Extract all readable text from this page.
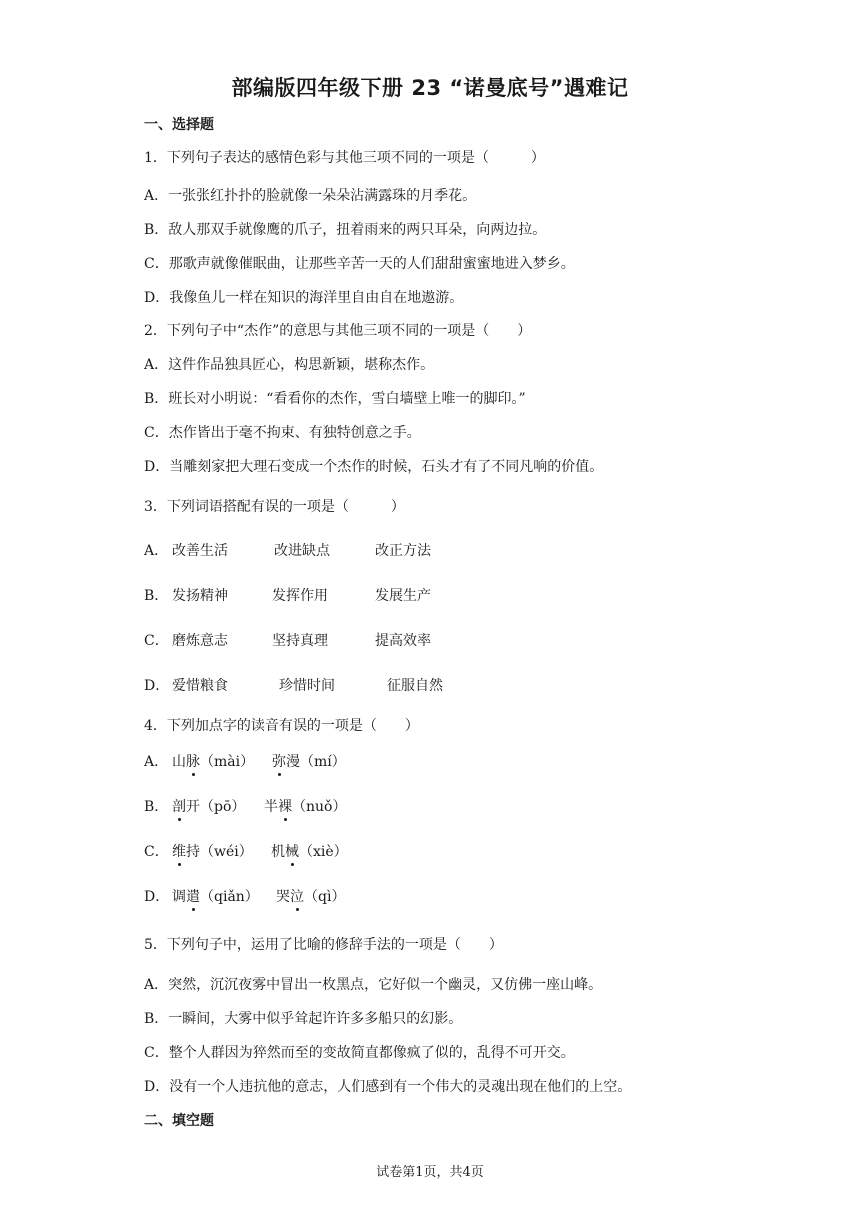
部编版四年级下册 23 “诺曼底号”遇难记
一、选择题
1．下列句子表达的感情色彩与其他三项不同的一项是（　　　）
A．一张张红扑扑的脸就像一朵朵沾满露珠的月季花。
B．敌人那双手就像鹰的爪子，扭着雨来的两只耳朵，向两边拉。
C．那歌声就像催眠曲，让那些辛苦一天的人们甜甜蜜蜜地进入梦乡。
D．我像鱼儿一样在知识的海洋里自由自在地遨游。
2．下列句子中“杰作”的意思与其他三项不同的一项是（　　）
A．这件作品独具匠心，构思新颖，堪称杰作。
B．班长对小明说：“看看你的杰作，雪白墙壁上唯一的脚印。”
C．杰作皆出于毫不拘束、有独特创意之手。
D．当雕刻家把大理石变成一个杰作的时候，石头才有了不同凡响的价值。
3．下列词语搭配有误的一项是（　　　）
A． 改善生活	改进缺点	改正方法
B． 发扬精神	发挥作用	发展生产
C． 磨炼意志	坚持真理	提高效率
D． 爱惜粮食	珍惜时间	征服自然
4．下列加点字的读音有误的一项是（　　）
A． 山脉（mài） 弥漫（mí）
B． 剖开（pō） 半裸（nuǒ）
C． 维持（wéi） 机械（xiè）
D． 调遣（qiǎn） 哭泣（qì）
5．下列句子中，运用了比喻的修辞手法的一项是（　　）
A．突然，沉沉夜雾中冒出一枚黑点，它好似一个幽灵，又仿佛一座山峰。
B．一瞬间，大雾中似乎耸起许许多多船只的幻影。
C．整个人群因为猝然而至的变故简直都像疯了似的，乱得不可开交。
D．没有一个人违抗他的意志，人们感到有一个伟大的灵魂出现在他们的上空。
二、填空题
试卷第1页，共4页
